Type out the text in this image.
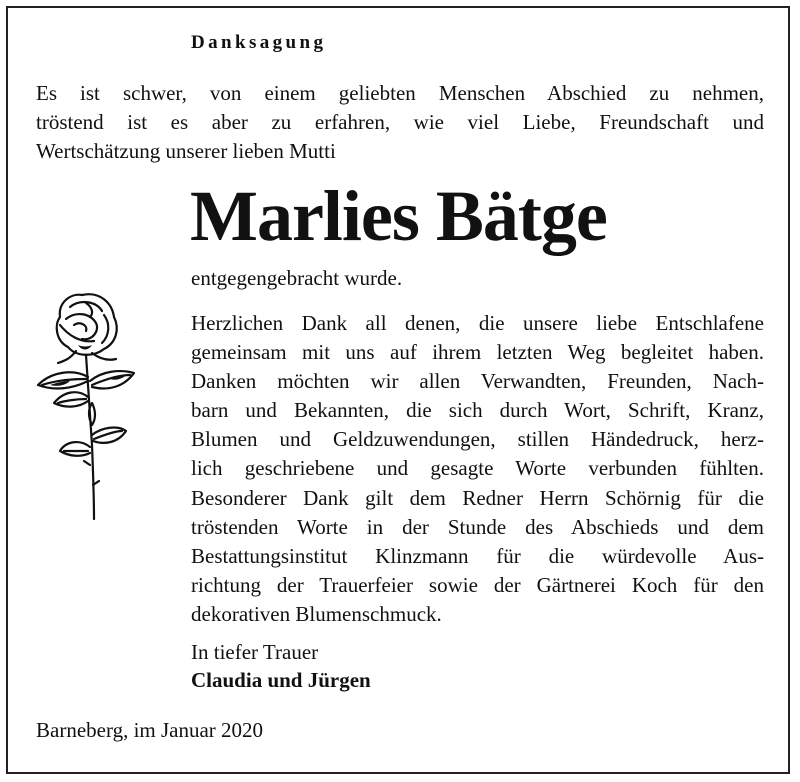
Danksagung

Es ist schwer, von einem geliebten Menschen Abschied zu nehmen,
tröstend ist es aber zu erfahren, wie viel Liebe, Freundschaft und
Wertschätzung unserer lieben Mutti

Marlies Bätge

entgegengebracht wurde.

Herzlichen Dank all denen, die unsere liebe Entschlafene
gemeinsam mit uns auf ihrem letzten Weg begleitet haben.
Danken möchten wir allen Verwandten, Freunden, Nach-
barn und Bekannten, die sich durch Wort, Schrift, Kranz,
Blumen und Geldzuwendungen, stillen Händedruck, herz-
lich geschriebene und gesagte Worte verbunden fühlten.
Besonderer Dank gilt dem Redner Herrn Schörnig für die
tröstenden Worte in der Stunde des Abschieds und dem
Bestattungsinstitut Klinzmann für die würdevolle Aus-
richtung der Trauerfeier sowie der Gärtnerei Koch für den
dekorativen Blumenschmuck.

In tiefer Trauer

Claudia und Jürgen

Barneberg, im Januar 2020
